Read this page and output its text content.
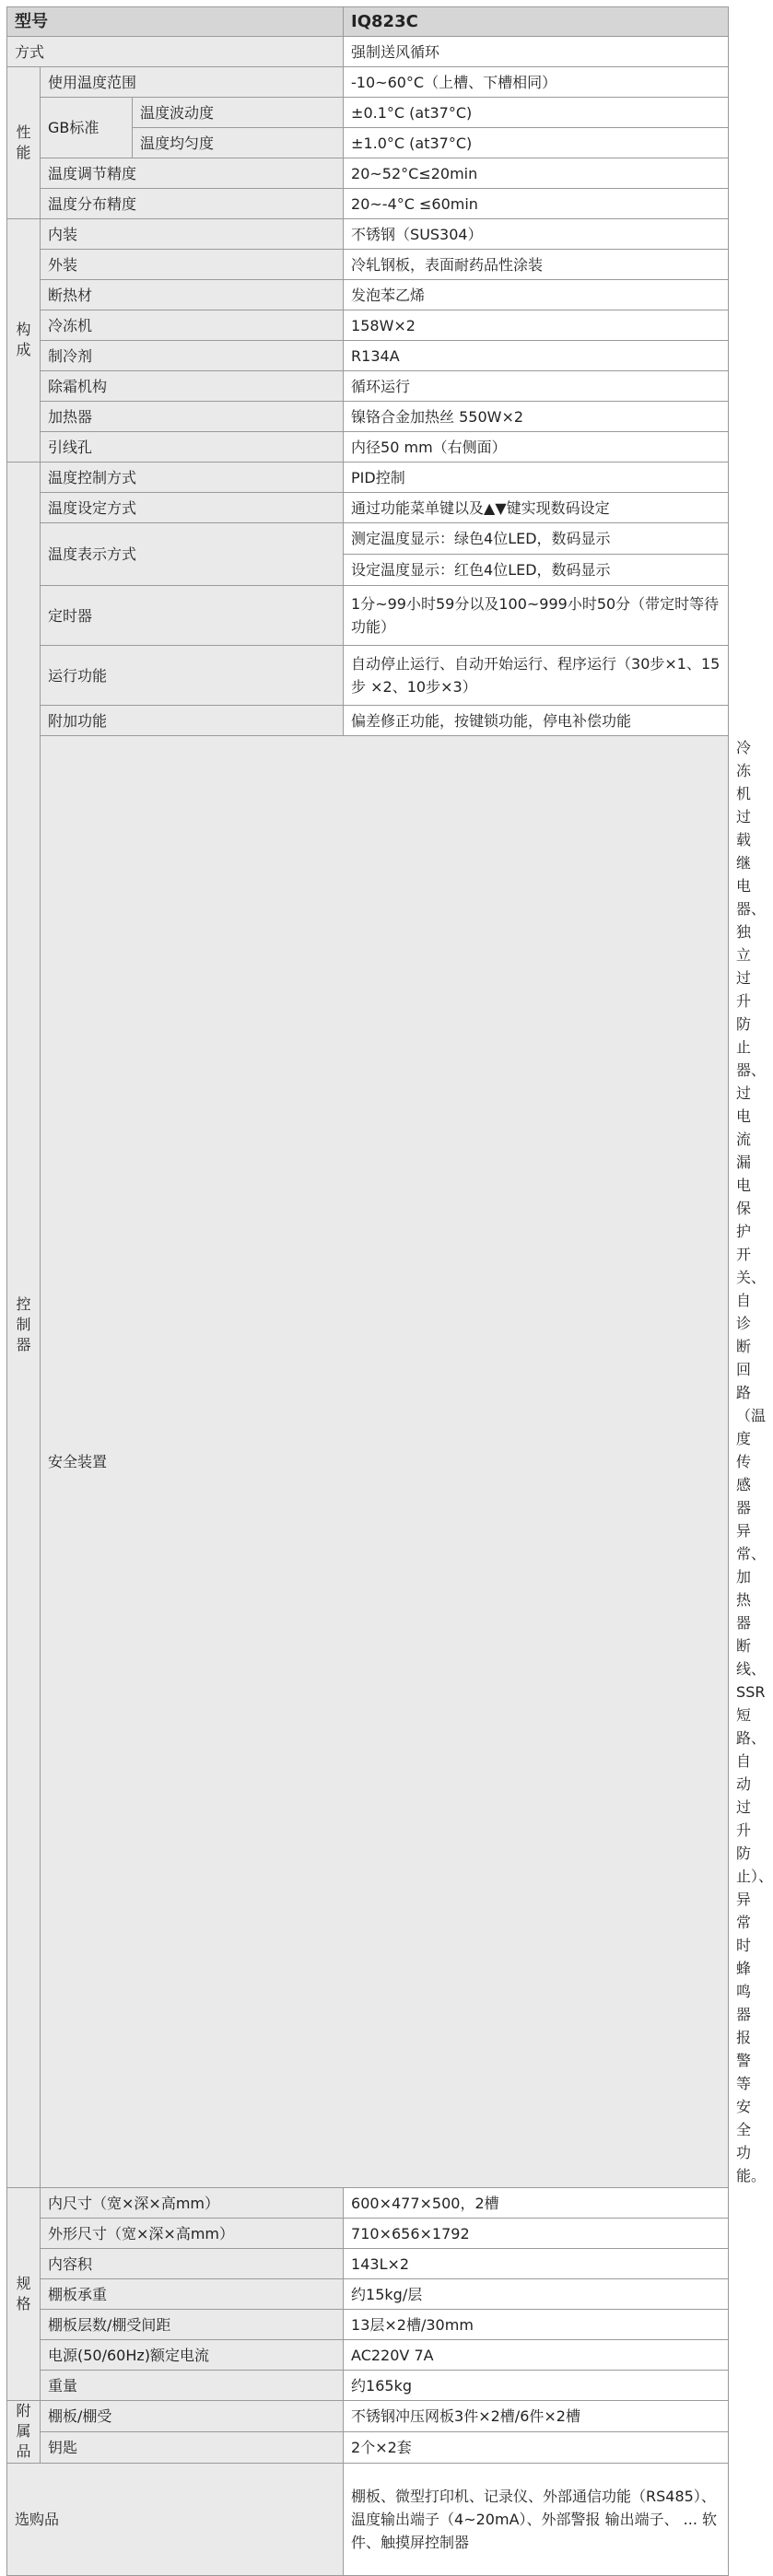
型号			IQ823C	
方式			强制送风循环	
性能	使用温度范围		-10~60°C（上槽、下槽相同）	
	GB标准	温度波动度	±0.1°C (at37°C)	
		温度均匀度	±1.0°C (at37°C)	
	温度调节精度		20~52°C≤20min	
	温度分布精度		20~-4°C ≤60min	
构成	内装		不锈钢（SUS304）	
	外装		冷轧钢板，表面耐药品性涂装	
	断热材		发泡苯乙烯	
	冷冻机		158W×2	
	制冷剂		R134A	
	除霜机构		循环运行	
	加热器		镍铬合金加热丝 550W×2	
	引线孔		内径50 mm（右侧面）	
控制器	温度控制方式		PID控制	
	温度设定方式		通过功能菜单键以及▲▼键实现数码设定	
	温度表示方式		测定温度显示：绿色4位LED，数码显示	
			设定温度显示：红色4位LED，数码显示	
	定时器		1分~99小时59分以及100~999小时50分（带定时等待功能）	
	运行功能		自动停止运行、自动开始运行、程序运行（30步×1、15步 ×2、10步×3）	
	附加功能		偏差修正功能，按键锁功能，停电补偿功能	
	安全装置			冷冻机过载继电器、独立过升防止器、过电流漏电保护开关、自诊断回路（温度传感器异常、加热器断线、SSR短路、自动过升防止）、异常时蜂鸣器报警等安全功能。
规格	内尺寸（宽×深×高mm）		600×477×500，2槽	
	外形尺寸（宽×深×高mm）		710×656×1792	
	内容积		143L×2	
	棚板承重		约15kg/层	
	棚板层数/棚受间距		13层×2槽/30mm	
	电源(50/60Hz)额定电流		AC220V 7A	
	重量		约165kg	
附属品	棚板/棚受		不锈钢冲压网板3件×2槽/6件×2槽	
	钥匙		2个×2套	
选购品			棚板、微型打印机、记录仪、外部通信功能（RS485）、温度输出端子（4~20mA）、外部警报 输出端子、 ... 软件、触摸屏控制器	
